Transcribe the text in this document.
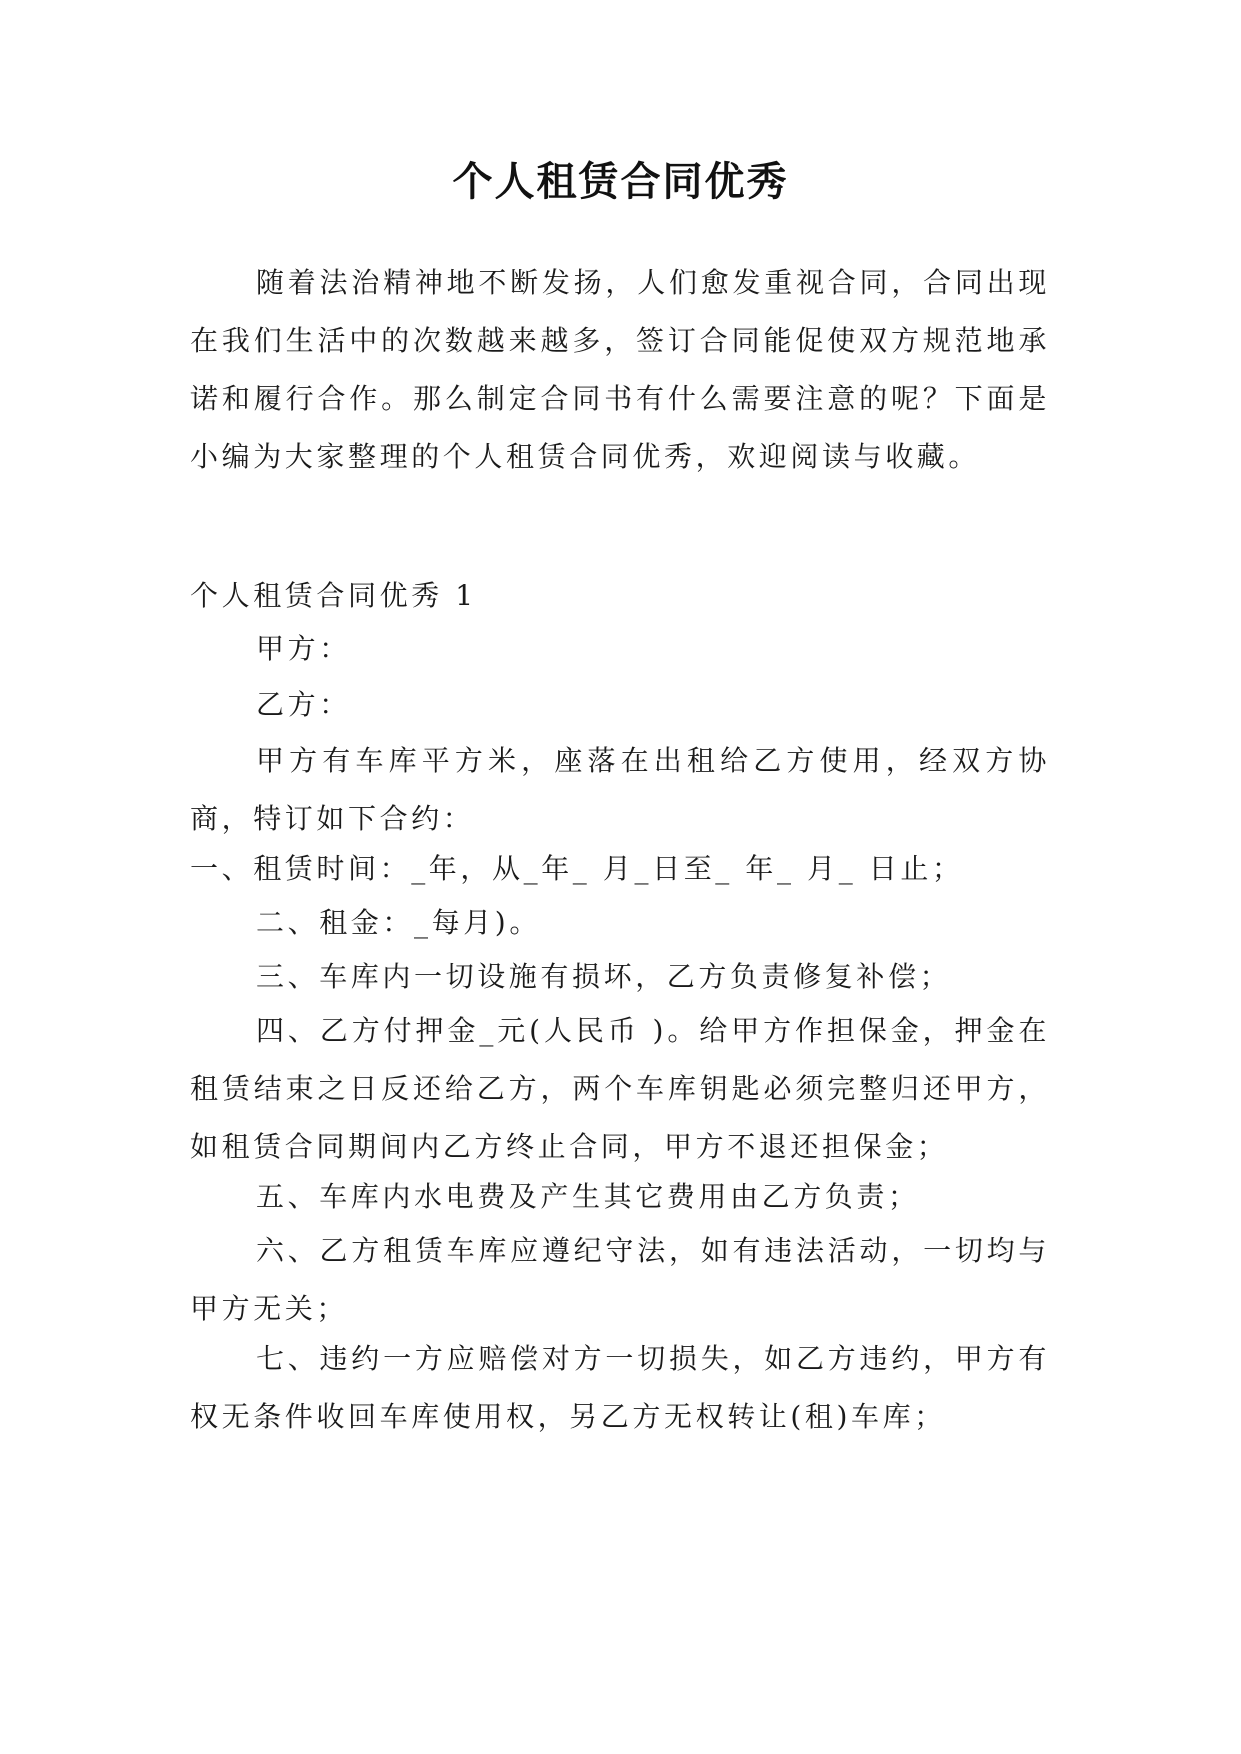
个人租赁合同优秀

随着法治精神地不断发扬，人们愈发重视合同，合同出现在我们生活中的次数越来越多，签订合同能促使双方规范地承诺和履行合作。那么制定合同书有什么需要注意的呢？下面是小编为大家整理的个人租赁合同优秀，欢迎阅读与收藏。

个人租赁合同优秀 1

甲方：

乙方：

甲方有车库平方米，座落在出租给乙方使用，经双方协商，特订如下合约：

一、租赁时间：_年，从_年_ 月_日至_ 年_ 月_ 日止；

二、租金：_每月)。

三、车库内一切设施有损坏，乙方负责修复补偿；

四、乙方付押金_元(人民币 )。给甲方作担保金，押金在租赁结束之日反还给乙方，两个车库钥匙必须完整归还甲方，如租赁合同期间内乙方终止合同，甲方不退还担保金；

五、车库内水电费及产生其它费用由乙方负责；

六、乙方租赁车库应遵纪守法，如有违法活动，一切均与甲方无关；

七、违约一方应赔偿对方一切损失，如乙方违约，甲方有权无条件收回车库使用权，另乙方无权转让(租)车库；
